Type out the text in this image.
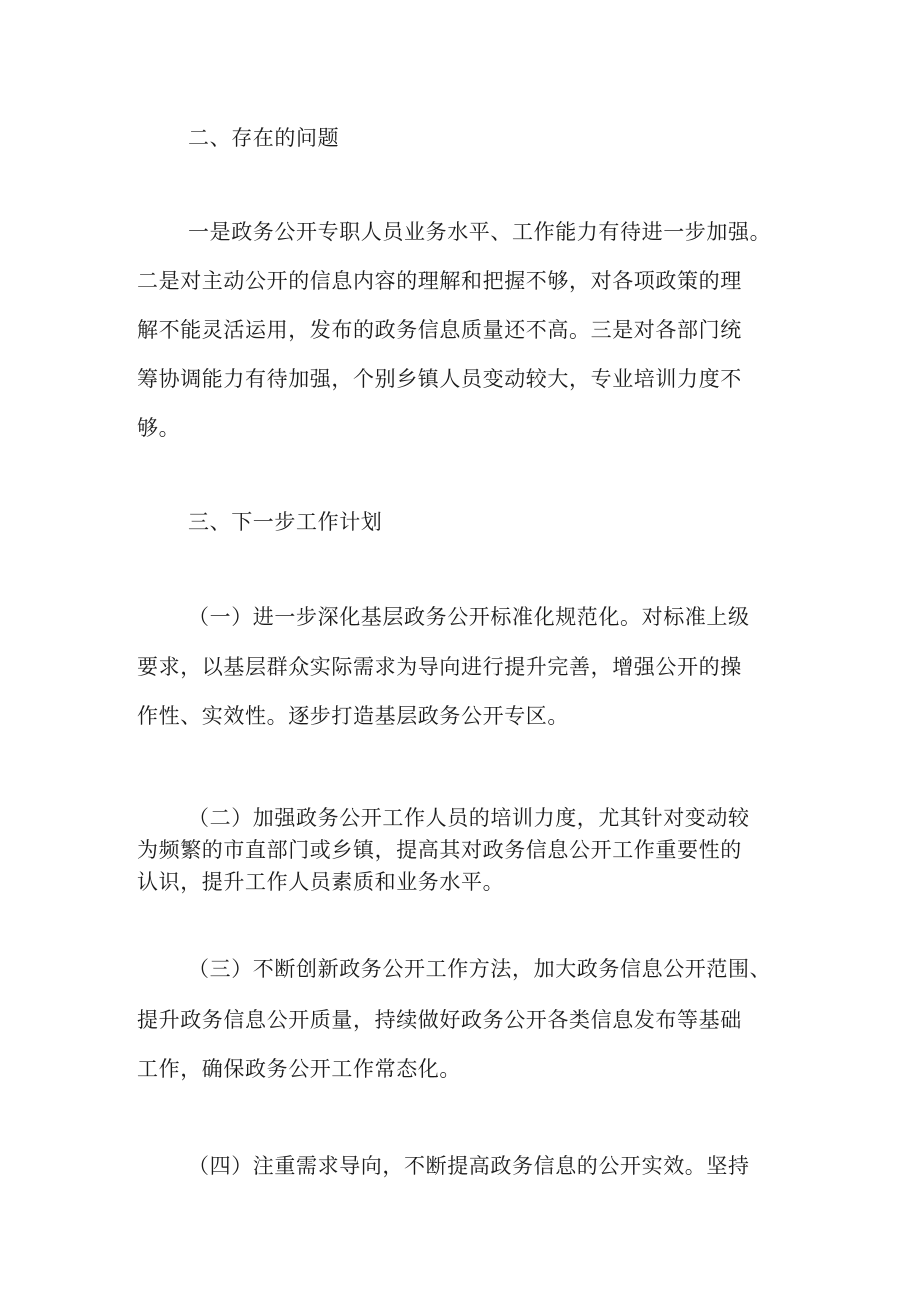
二、存在的问题
一是政务公开专职人员业务水平、工作能力有待进一步加强。
二是对主动公开的信息内容的理解和把握不够，对各项政策的理
解不能灵活运用，发布的政务信息质量还不高。三是对各部门统
筹协调能力有待加强，个别乡镇人员变动较大，专业培训力度不
够。
三、下一步工作计划
（一）进一步深化基层政务公开标准化规范化。对标准上级
要求，以基层群众实际需求为导向进行提升完善，增强公开的操
作性、实效性。逐步打造基层政务公开专区。
（二）加强政务公开工作人员的培训力度，尤其针对变动较
为频繁的市直部门或乡镇，提高其对政务信息公开工作重要性的
认识，提升工作人员素质和业务水平。
（三）不断创新政务公开工作方法，加大政务信息公开范围、
提升政务信息公开质量，持续做好政务公开各类信息发布等基础
工作，确保政务公开工作常态化。
（四）注重需求导向，不断提高政务信息的公开实效。坚持
